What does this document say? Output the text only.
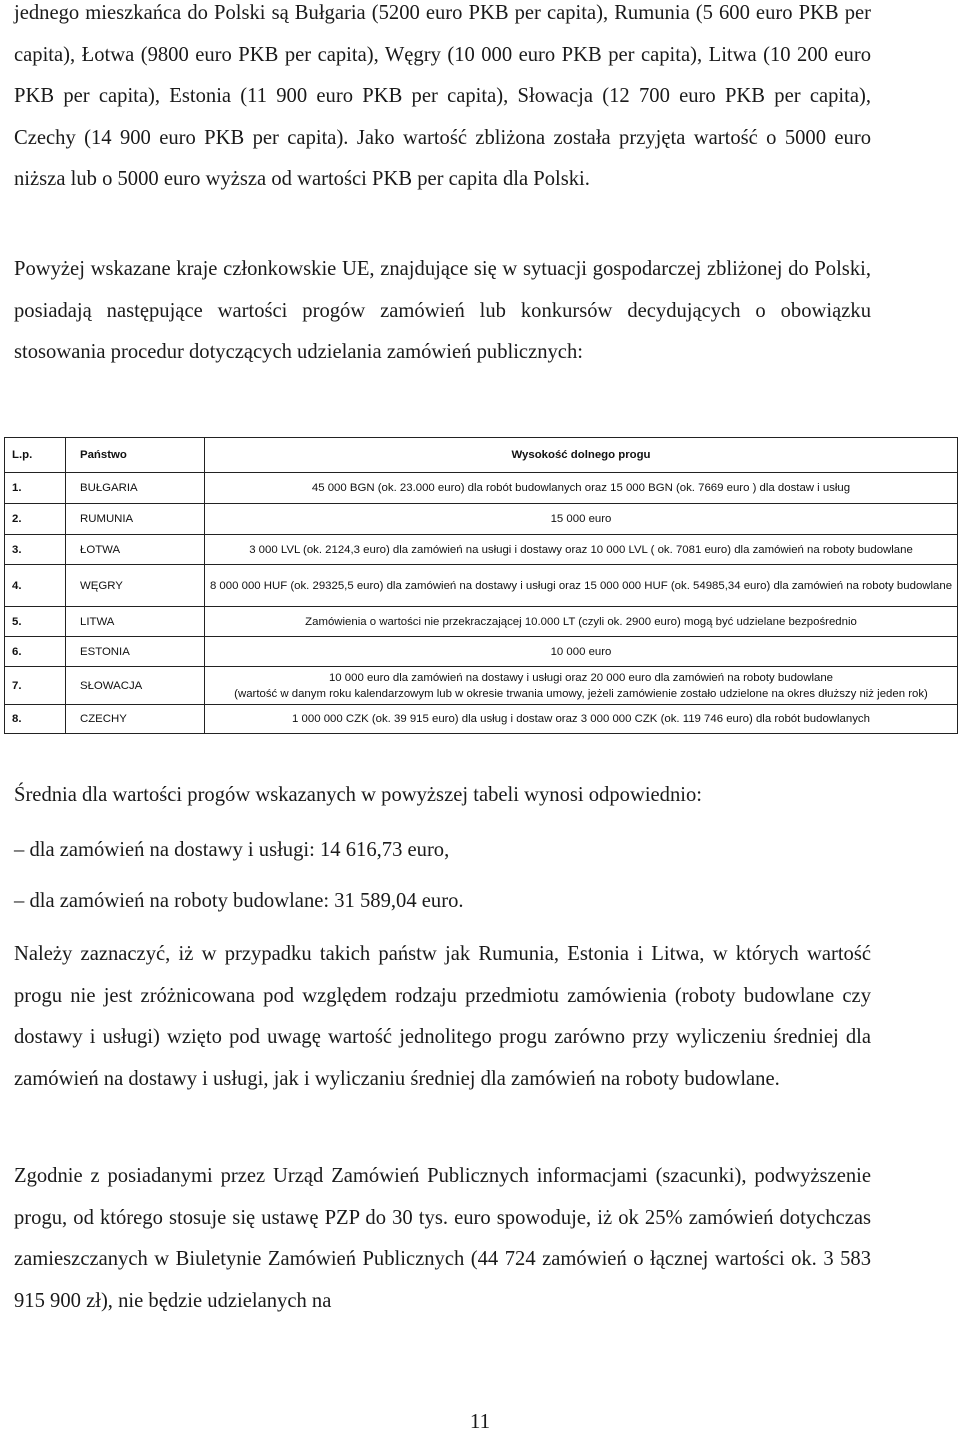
jednego mieszkańca do Polski są Bułgaria (5200 euro PKB per capita), Rumunia (5 600 euro PKB per capita), Łotwa (9800 euro PKB per capita), Węgry (10 000 euro PKB per capita), Litwa (10 200 euro PKB per capita), Estonia (11 900 euro PKB per capita), Słowacja (12 700 euro PKB per capita), Czechy (14 900 euro PKB per capita). Jako wartość zbliżona została przyjęta wartość o 5000 euro niższa lub o 5000 euro wyższa od wartości PKB per capita dla Polski.

Powyżej wskazane kraje członkowskie UE, znajdujące się w sytuacji gospodarczej zbliżonej do Polski, posiadają następujące wartości progów zamówień lub konkursów decydujących o obowiązku stosowania procedur dotyczących udzielania zamówień publicznych:

L.p.	Państwo	Wysokość dolnego progu
1.	BUŁGARIA	45 000 BGN (ok. 23.000 euro) dla robót budowlanych oraz 15 000 BGN (ok. 7669 euro ) dla dostaw i usług
2.	RUMUNIA	15 000 euro
3.	ŁOTWA	3 000 LVL (ok. 2124,3 euro) dla zamówień na usługi i dostawy oraz 10 000 LVL ( ok. 7081 euro) dla zamówień na roboty budowlane
4.	WĘGRY	8 000 000 HUF (ok. 29325,5 euro) dla zamówień na dostawy i usługi oraz 15 000 000 HUF (ok. 54985,34 euro) dla zamówień na roboty budowlane
5.	LITWA	Zamówienia o wartości nie przekraczającej 10.000 LT (czyli ok. 2900 euro) mogą być udzielane bezpośrednio
6.	ESTONIA	10 000 euro
7.	SŁOWACJA	10 000 euro dla zamówień na dostawy i usługi oraz 20 000 euro dla zamówień na roboty budowlane
(wartość w danym roku kalendarzowym lub w okresie trwania umowy, jeżeli zamówienie zostało udzielone na okres dłuższy niż jeden rok)

8.	CZECHY	1 000 000 CZK (ok. 39 915 euro) dla usług i dostaw oraz 3 000 000 CZK (ok. 119 746 euro) dla robót budowlanych

Średnia dla wartości progów wskazanych w powyższej tabeli wynosi odpowiednio:

– dla zamówień na dostawy i usługi: 14 616,73 euro,

– dla zamówień na roboty budowlane: 31 589,04 euro.

Należy zaznaczyć, iż w przypadku takich państw jak Rumunia, Estonia i Litwa, w których wartość progu nie jest zróżnicowana pod względem rodzaju przedmiotu zamówienia (roboty budowlane czy dostawy i usługi) wzięto pod uwagę wartość jednolitego progu zarówno przy wyliczeniu średniej dla zamówień na dostawy i usługi, jak i wyliczaniu średniej dla zamówień na roboty budowlane.

Zgodnie z posiadanymi przez Urząd Zamówień Publicznych informacjami (szacunki), podwyższenie progu, od którego stosuje się ustawę PZP do 30 tys. euro spowoduje, iż ok 25% zamówień dotychczas zamieszczanych w Biuletynie Zamówień Publicznych (44 724 zamówień o łącznej wartości ok. 3 583 915 900 zł), nie będzie udzielanych na

11
